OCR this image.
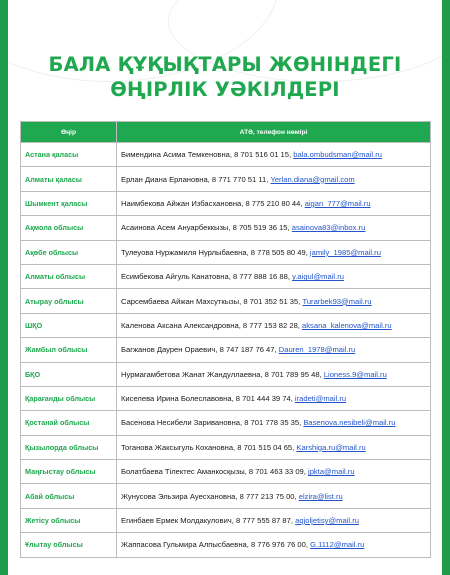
БАЛА ҚҰҚЫҚТАРЫ ЖӨНІНДЕГІ
ӨҢІРЛІК УӘКІЛДЕРІ
Өңір	АТӘ, телефон нөмірі
Астана қаласы	Бимендина Асима Темкеновна, 8 701 516 01 15, bala.ombudsman@mail.ru
Алматы қаласы	Ерлан Диана Ерлановна, 8 771 770 51 11, Yerlan.diana@gmail.com
Шымкент қаласы	Наимбекова Айжан Избасхановна, 8 775 210 80 44, aigan_777@mail.ru
Ақмола облысы	Асаинова Асем Ануарбеккызы, 8 705 519 36 15, asainova83@inbox.ru
Ақөбе облысы	Тулеуова Нуржамиля Нурлыбаевна, 8 778 505 80 49, jamily_1985@mail.ru
Алматы облысы	Есимбекова Айгуль Канатовна, 8 777 888 16 88, y.aigul@mail.ru
Атырау облысы	Сарсембаева Айжан Махсуткызы, 8 701 352 51 35, Turarbek93@mail.ru
ШҚО	Каленова Аксана Александровна, 8 777 153 82 28, aksana_kalenova@mail.ru
Жамбыл облысы	Багжанов Даурен Ораевич, 8 747 187 76 47, Dauren_1978@mail.ru
БҚО	Нурмагамбетова Жанат Жандуллаевна, 8 701 789 95 48, Lioness.9@mail.ru
Қарағанды облысы	Киселева Ирина Болеславовна, 8 701 444 39 74, iradeti@mail.ru
Қостанай облысы	Басенова Несибели Заривановна, 8 701 778 35 35, Basenova.nesibeli@mail.ru
Қызылорда облысы	Тоганова Жаксыгуль Кохановна, 8 701 515 04 65, Karshiga.ru@mail.ru
Маңғыстау облысы	Болатбаева Тілектес Аманкосқызы, 8 701 463 33 09, jpkta@mail.ru
Абай облысы	Жунусова Эльзира Ауесхановна, 8 777 213 75 00, elzira@list.ru
Жетісу облысы	Егинбаев Ермек Молдакулович, 8 777 555 87 87, aqjoljetisy@mail.ru
Ұлытау облысы	Жаппасова Гульмира Алпысбаевна, 8 776 976 76 00, G.1112@mail.ru
